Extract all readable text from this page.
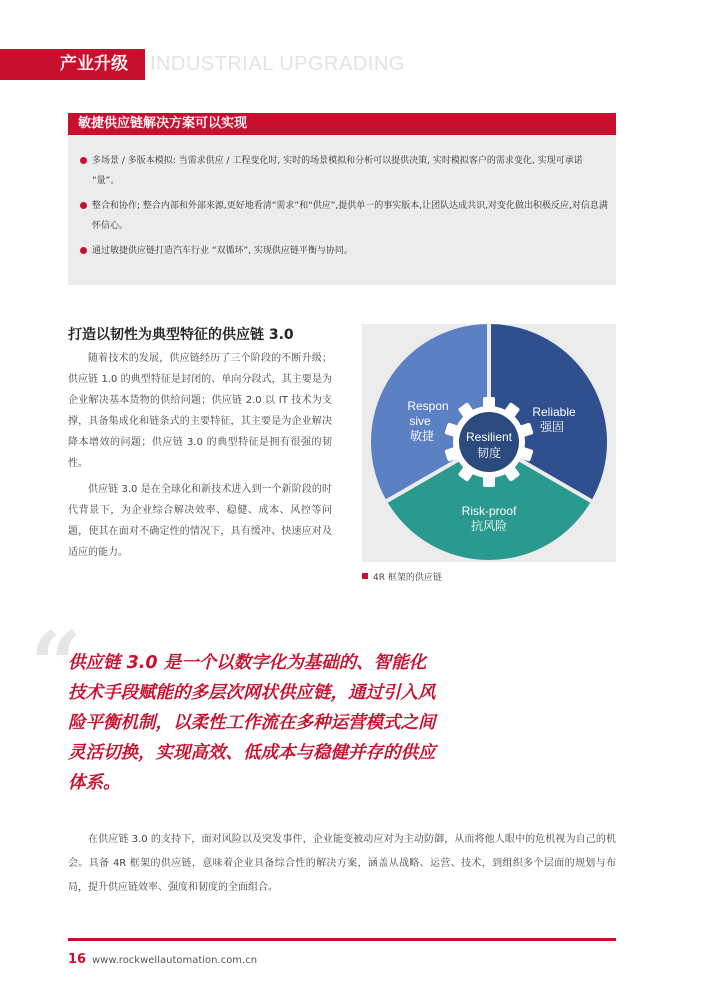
产业升级 INDUSTRIAL UPGRADING
敏捷供应链解决方案可以实现
多场景 / 多版本模拟: 当需求供应 / 工程变化时, 实时的场景模拟和分析可以提供决策, 实时模拟客户的需求变化, 实现可承诺 “量”。
整合和协作; 整合内部和外部来源,更好地看清“需求”和“供应”,提供单一的事实版本,让团队达成共识,对变化做出积极反应,对信息满怀信心。
通过敏捷供应链打造汽车行业 “双循环”, 实现供应链平衡与协同。
打造以韧性为典型特征的供应链 3.0
随着技术的发展，供应链经历了三个阶段的不断升级；供应链 1.0 的典型特征是封闭的、单向分段式，其主要是为企业解决基本货物的供给问题；供应链 2.0 以 IT 技术为支撑，具备集成化和链条式的主要特征，其主要是为企业解决降本增效的问题；供应链 3.0 的典型特征是拥有很强的韧性。
供应链 3.0 是在全球化和新技术进入到一个新阶段的时代背景下，为企业综合解决效率、稳健、成本、风控等问题，使其在面对不确定性的情况下，具有缓冲、快速应对及适应的能力。
Respon
sive
敏捷
Reliable
强固
Resilient
韧度
Risk-proof
抗风险
4R 框架的供应链
“
供应链 3.0 是一个以数字化为基础的、智能化技术手段赋能的多层次网状供应链，通过引入风险平衡机制，以柔性工作流在多种运营模式之间灵活切换，实现高效、低成本与稳健并存的供应体系。
在供应链 3.0 的支持下，面对风险以及突发事件，企业能变被动应对为主动防御，从而将他人眼中的危机视为自己的机会。具备 4R 框架的供应链，意味着企业具备综合性的解决方案，涵盖从战略、运营、技术，到组织多个层面的规划与布局，提升供应链效率、强度和韧度的全面组合。
16 www.rockwellautomation.com.cn
